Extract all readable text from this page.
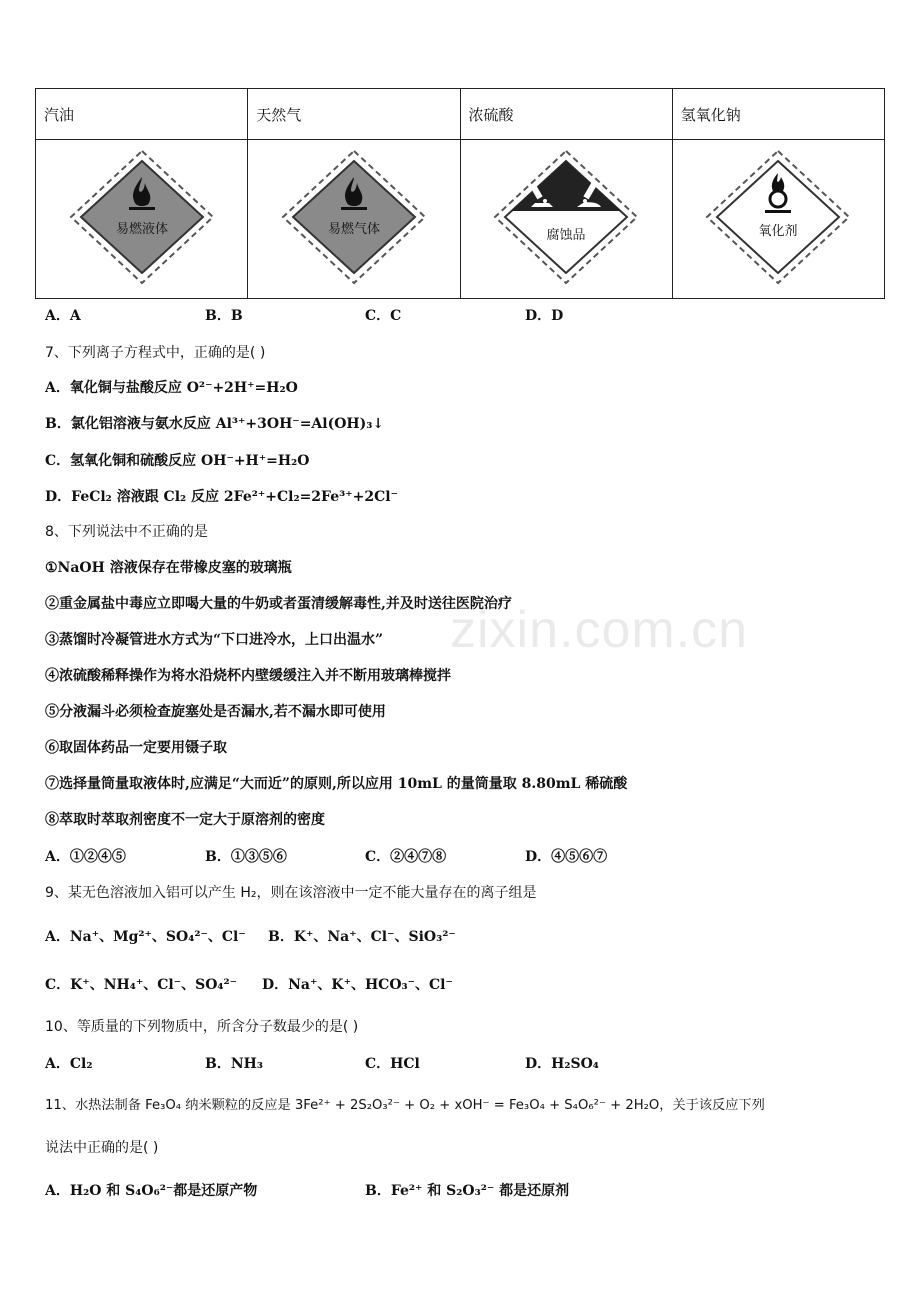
汽油	天然气	浓硫酸	氢氧化钠

易燃液体	易燃气体	腐蚀品	氧化剂
A．A	B．B	C．C	D．D
7、下列离子方程式中，正确的是( )
A．氧化铜与盐酸反应 O²⁻+2H⁺=H₂O
B．氯化铝溶液与氨水反应 Al³⁺+3OH⁻=Al(OH)₃↓
C．氢氧化铜和硫酸反应 OH⁻+H⁺=H₂O
D．FeCl₂ 溶液跟 Cl₂ 反应 2Fe²⁺+Cl₂=2Fe³⁺+2Cl⁻
8、下列说法中不正确的是
①NaOH 溶液保存在带橡皮塞的玻璃瓶
②重金属盐中毒应立即喝大量的牛奶或者蛋清缓解毒性,并及时送往医院治疗
③蒸馏时冷凝管进水方式为“下口进冷水，上口出温水”
④浓硫酸稀释操作为将水沿烧杯内壁缓缓注入并不断用玻璃棒搅拌
⑤分液漏斗必须检查旋塞处是否漏水,若不漏水即可使用
⑥取固体药品一定要用镊子取
⑦选择量筒量取液体时,应满足“大而近”的原则,所以应用 10mL 的量筒量取 8.80mL 稀硫酸
⑧萃取时萃取剂密度不一定大于原溶剂的密度
A．①②④⑤	B．①③⑤⑥	C．②④⑦⑧	D．④⑤⑥⑦
zixin.com.cn
9、某无色溶液加入铝可以产生 H₂，则在该溶液中一定不能大量存在的离子组是
A．Na⁺、Mg²⁺、SO₄²⁻、Cl⁻ B．K⁺、Na⁺、Cl⁻、SiO₃²⁻
C．K⁺、NH₄⁺、Cl⁻、SO₄²⁻ D．Na⁺、K⁺、HCO₃⁻、Cl⁻
10、等质量的下列物质中，所含分子数最少的是( )
A．Cl₂	B．NH₃	C．HCl	D．H₂SO₄
11、水热法制备 Fe₃O₄ 纳米颗粒的反应是 3Fe²⁺ + 2S₂O₃²⁻ + O₂ + xOH⁻ = Fe₃O₄ + S₄O₆²⁻ + 2H₂O，关于该反应下列
说法中正确的是( )
A．H₂O 和 S₄O₆²⁻都是还原产物	B．Fe²⁺ 和 S₂O₃²⁻ 都是还原剂
